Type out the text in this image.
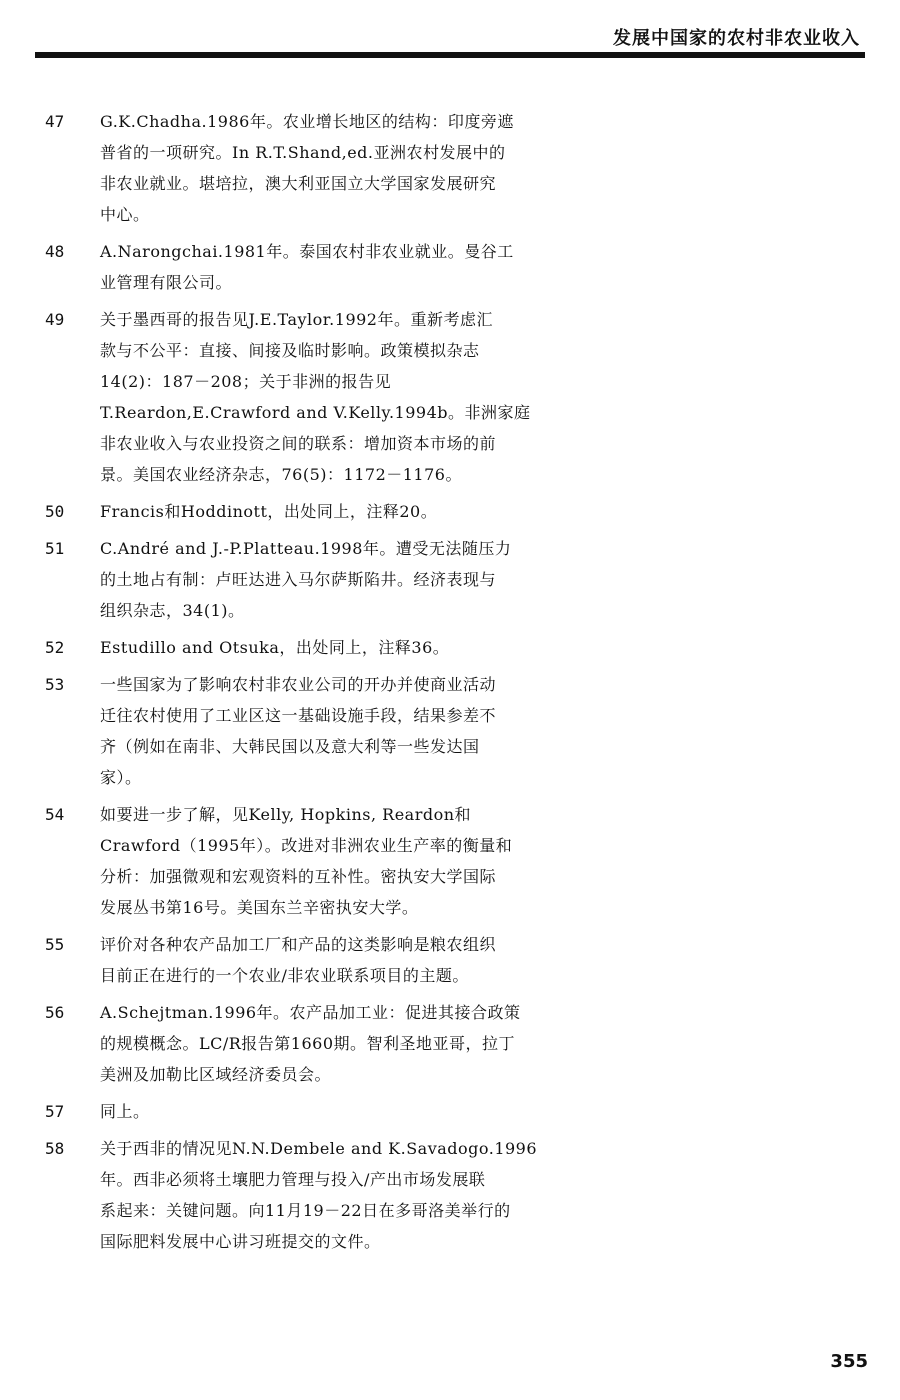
发展中国家的农村非农业收入
47 G.K.Chadha.1986年。农业增长地区的结构：印度旁遮
普省的一项研究。In R.T.Shand,ed.亚洲农村发展中的
非农业就业。堪培拉，澳大利亚国立大学国家发展研究
中心。
48 A.Narongchai.1981年。泰国农村非农业就业。曼谷工
业管理有限公司。
49 关于墨西哥的报告见J.E.Taylor.1992年。重新考虑汇
款与不公平：直接、间接及临时影响。政策模拟杂志
14(2)：187－208；关于非洲的报告见
T.Reardon,E.Crawford and V.Kelly.1994b。非洲家庭
非农业收入与农业投资之间的联系：增加资本市场的前
景。美国农业经济杂志，76(5)：1172－1176。
50 Francis和Hoddinott，出处同上，注释20。
51 C.André and J.-P.Platteau.1998年。遭受无法随压力
的土地占有制：卢旺达进入马尔萨斯陷井。经济表现与
组织杂志，34(1)。
52 Estudillo and Otsuka，出处同上，注释36。
53 一些国家为了影响农村非农业公司的开办并使商业活动
迁往农村使用了工业区这一基础设施手段，结果参差不
齐（例如在南非、大韩民国以及意大利等一些发达国
家）。
54 如要进一步了解，见Kelly, Hopkins, Reardon和
Crawford（1995年）。改进对非洲农业生产率的衡量和
分析：加强微观和宏观资料的互补性。密执安大学国际
发展丛书第16号。美国东兰辛密执安大学。
55 评价对各种农产品加工厂和产品的这类影响是粮农组织
目前正在进行的一个农业/非农业联系项目的主题。
56 A.Schejtman.1996年。农产品加工业：促进其接合政策
的规模概念。LC/R报告第1660期。智利圣地亚哥，拉丁
美洲及加勒比区域经济委员会。
57 同上。
58 关于西非的情况见N.N.Dembele and K.Savadogo.1996
年。西非必须将土壤肥力管理与投入/产出市场发展联
系起来：关键问题。向11月19－22日在多哥洛美举行的
国际肥料发展中心讲习班提交的文件。
355
